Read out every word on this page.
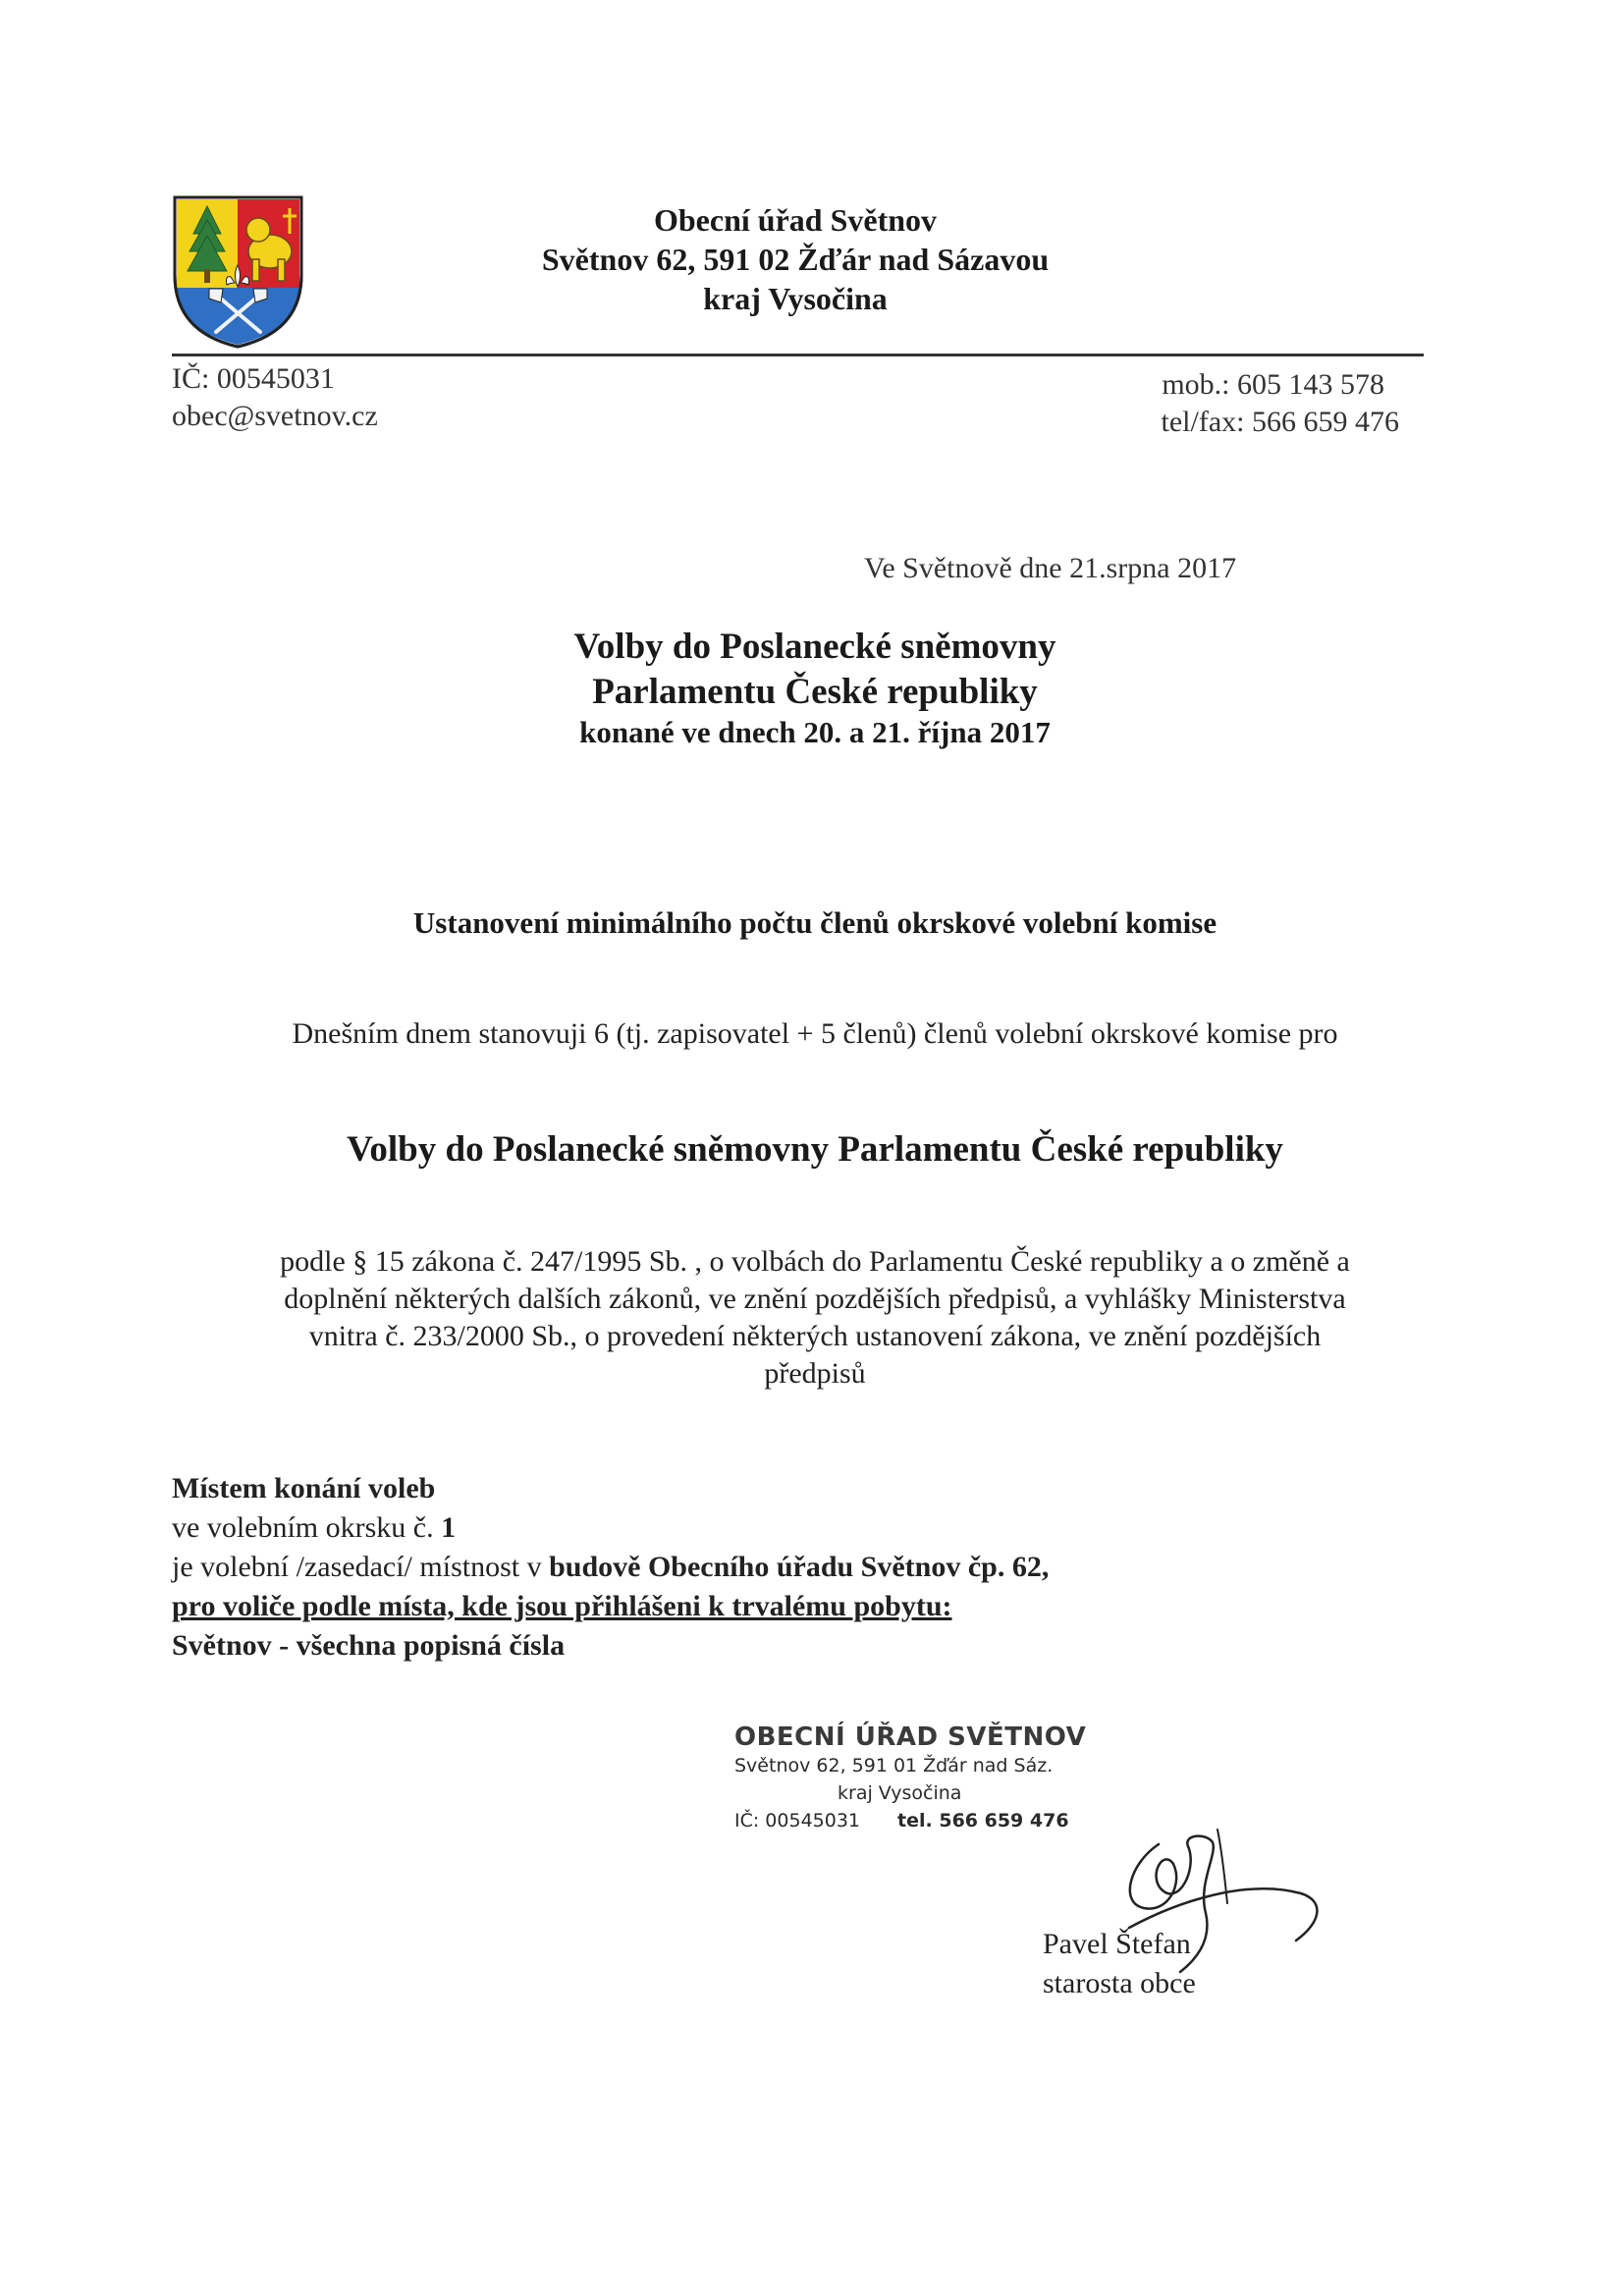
Obecní úřad Světnov
Světnov 62, 591 02 Žďár nad Sázavou
kraj Vysočina
IČ: 00545031
obec@svetnov.cz
mob.: 605 143 578
tel/fax: 566 659 476
Ve Světnově dne 21.srpna 2017
Volby do Poslanecké sněmovny
Parlamentu České republiky
konané ve dnech 20. a 21. října 2017
Ustanovení minimálního počtu členů okrskové volební komise
Dnešním dnem stanovuji 6 (tj. zapisovatel + 5 členů) členů volební okrskové komise pro
Volby do Poslanecké sněmovny Parlamentu České republiky
podle § 15 zákona č. 247/1995 Sb. , o volbách do Parlamentu České republiky a o změně a
doplnění některých dalších zákonů, ve znění pozdějších předpisů, a vyhlášky Ministerstva
vnitra č. 233/2000 Sb., o provedení některých ustanovení zákona, ve znění pozdějších
předpisů
Místem konání voleb
ve volebním okrsku č. 1
je volební /zasedací/ místnost v budově Obecního úřadu Světnov čp. 62,
pro voliče podle místa, kde jsou přihlášeni k trvalému pobytu:
Světnov - všechna popisná čísla
OBECNÍ ÚŘAD SVĚTNOV
Světnov 62, 591 01 Žďár nad Sáz.
kraj Vysočina
IČ: 00545031 tel. 566 659 476
Pavel Štefan
starosta obce
